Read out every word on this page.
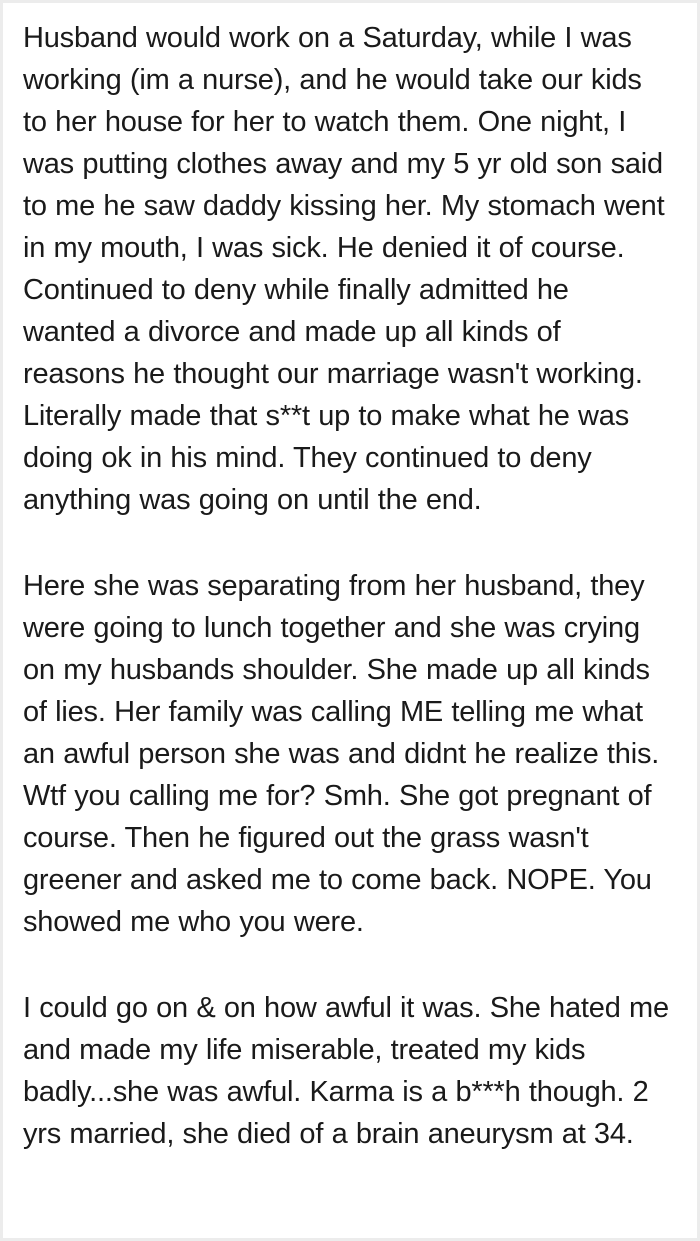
Husband would work on a Saturday, while I was working (im a nurse), and he would take our kids to her house for her to watch them. One night, I was putting clothes away and my 5 yr old son said to me he saw daddy kissing her. My stomach went in my mouth, I was sick. He denied it of course. Continued to deny while finally admitted he wanted a divorce and made up all kinds of reasons he thought our marriage wasn't working. Literally made that s**t up to make what he was doing ok in his mind. They continued to deny anything was going on until the end.

Here she was separating from her husband, they were going to lunch together and she was crying on my husbands shoulder. She made up all kinds of lies. Her family was calling ME telling me what an awful person she was and didnt he realize this. Wtf you calling me for? Smh. She got pregnant of course. Then he figured out the grass wasn't greener and asked me to come back. NOPE. You showed me who you were.

I could go on & on how awful it was. She hated me and made my life miserable, treated my kids badly...she was awful. Karma is a b***h though. 2 yrs married, she died of a brain aneurysm at 34.
